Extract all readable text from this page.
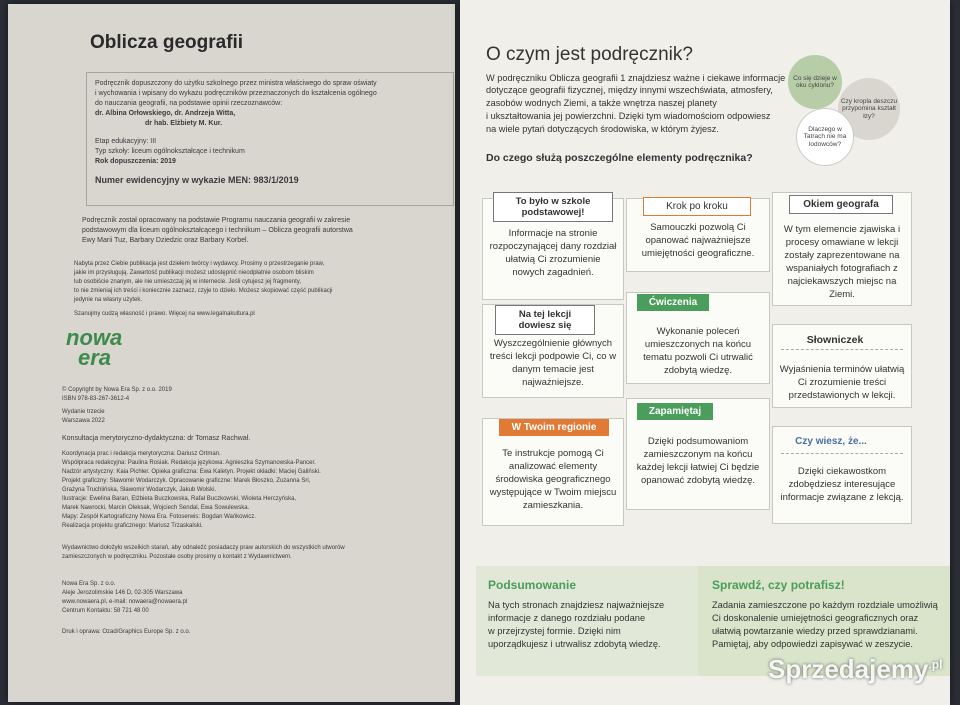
Oblicza geografii
Podręcznik dopuszczony do użytku szkolnego przez ministra właściwego do spraw oświaty
i wychowania i wpisany do wykazu podręczników przeznaczonych do kształcenia ogólnego
do nauczania geografii, na podstawie opinii rzeczoznawców:
dr. Albina Orłowskiego, dr. Andrzeja Witta,
dr hab. Elżbiety M. Kur.
Etap edukacyjny: III
Typ szkoły: liceum ogólnokształcące i technikum
Rok dopuszczenia: 2019
Numer ewidencyjny w wykazie MEN: 983/1/2019
Podręcznik został opracowany na podstawie Programu nauczania geografii w zakresie
podstawowym dla liceum ogólnokształcącego i technikum – Oblicza geografii autorstwa
Ewy Marii Tuz, Barbary Dziedzic oraz Barbary Korbel.
Nabyta przez Ciebie publikacja jest dziełem twórcy i wydawcy. Prosimy o przestrzeganie praw,
jakie im przysługują. Zawartość publikacji możesz udostępnić nieodpłatnie osobom bliskim
lub osobiście znanym, ale nie umieszczaj jej w internecie. Jeśli cytujesz jej fragmenty,
to nie zmieniaj ich treści i koniecznie zaznacz, czyje to dzieło. Możesz skopiować część publikacji
jedynie na własny użytek.
Szanujmy cudzą własność i prawo. Więcej na www.legalnakultura.pl
nowa
era
© Copyright by Nowa Era Sp. z o.o. 2019
ISBN 978-83-267-3612-4
Wydanie trzecie
Warszawa 2022
Konsultacja merytoryczno-dydaktyczna: dr Tomasz Rachwał.
Koordynacja prac i redakcja merytoryczna: Dariusz Ortman.
Współpraca redakcyjna: Paulina Rosiak. Redakcja językowa: Agnieszka Szymanowska-Pancer.
Nadzór artystyczny: Kaia Pichler. Opieka graficzna: Ewa Kaletyn. Projekt okładki: Maciej Galiński.
Projekt graficzny: Sławomir Wodarczyk. Opracowanie graficzne: Marek Błoszko, Zuzanna Sri,
Grażyna Truchlińska, Sławomir Wodarczyk, Jakub Wolski.
Ilustracje: Ewelina Baran, Elżbieta Buczkowska, Rafał Buczkowski, Wioleta Herczyńska,
Marek Nawrocki, Marcin Oleksak, Wojciech Sendal, Ewa Sowulewska.
Mapy: Zespół Kartograficzny Nowa Era. Fotoserwis: Bogdan Wańkowicz.
Realizacja projektu graficznego: Mariusz Trzaskalski.
Wydawnictwo dołożyło wszelkich starań, aby odnaleźć posiadaczy praw autorskich do wszystkich utworów
zamieszczonych w podręczniku. Pozostałe osoby prosimy o kontakt z Wydawnictwem.
Nowa Era Sp. z o.o.
Aleje Jerozolimskie 146 D, 02-305 Warszawa
www.nowaera.pl, e-mail: nowaera@nowaera.pl
Centrum Kontaktu: 58 721 48 00
Druk i oprawa: Ozad/Graphics Europe Sp. z o.o.
O czym jest podręcznik?
W podręczniku Oblicza geografii 1 znajdziesz ważne i ciekawe informacje
dotyczące geografii fizycznej, między innymi wszechświata, atmosfery,
zasobów wodnych Ziemi, a także wnętrza naszej planety
i ukształtowania jej powierzchni. Dzięki tym wiadomościom odpowiesz
na wiele pytań dotyczących środowiska, w którym żyjesz.
Co się dzieje w oku cyklonu?
Czy kropla deszczu przypomina kształt łzy?
Dlaczego w Tatrach nie ma lodowców?
Do czego służą poszczególne elementy podręcznika?
To było w szkole podstawowej!
Informacje na stronie rozpoczynającej dany rozdział ułatwią Ci zrozumienie nowych zagadnień.
Krok po kroku
Samouczki pozwolą Ci opanować najważniejsze umiejętności geograficzne.
Okiem geografa
W tym elemencie zjawiska i procesy omawiane w lekcji zostały zaprezentowane na wspaniałych fotografiach z najciekawszych miejsc na Ziemi.
Na tej lekcji dowiesz się
Wyszczególnienie głównych treści lekcji podpowie Ci, co w danym temacie jest najważniejsze.
Ćwiczenia
Wykonanie poleceń umieszczonych na końcu tematu pozwoli Ci utrwalić zdobytą wiedzę.
Słowniczek
Wyjaśnienia terminów ułatwią Ci zrozumienie treści przedstawionych w lekcji.
W Twoim regionie
Te instrukcje pomogą Ci analizować elementy środowiska geograficznego występujące w Twoim miejscu zamieszkania.
Zapamiętaj
Dzięki podsumowaniom zamieszczonym na końcu każdej lekcji łatwiej Ci będzie opanować zdobytą wiedzę.
Czy wiesz, że...
Dzięki ciekawostkom zdobędziesz interesujące informacje związane z lekcją.
Podsumowanie
Na tych stronach znajdziesz najważniejsze
informacje z danego rozdziału podane
w przejrzystej formie. Dzięki nim
uporządkujesz i utrwalisz zdobytą wiedzę.
Sprawdź, czy potrafisz!
Zadania zamieszczone po każdym rozdziale umożliwią
Ci doskonalenie umiejętności geograficznych oraz
ułatwią powtarzanie wiedzy przed sprawdzianami.
Pamiętaj, aby odpowiedzi zapisywać w zeszycie.
Sprzedajemy$^{.pl}$
